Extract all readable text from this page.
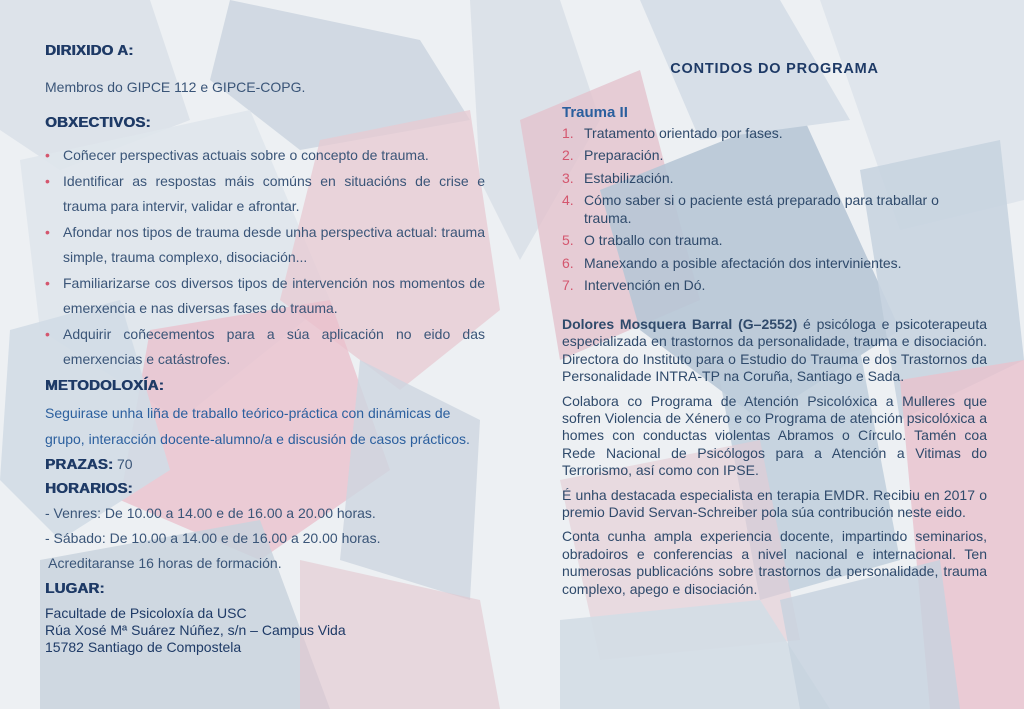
DIRIXIDO A:

Membros do GIPCE 112 e GIPCE-COPG.

OBXECTIVOS:
• Coñecer perspectivas actuais sobre o concepto de trauma.
• Identificar as respostas máis comúns en situacións de crise e trauma para intervir, validar e afrontar.
• Afondar nos tipos de trauma desde unha perspectiva actual: trauma simple, trauma complexo, disociación...
• Familiarizarse cos diversos tipos de intervención nos momentos de emerxencia e nas diversas fases do trauma.
• Adquirir coñecementos para a súa aplicación no eido das emerxencias e catástrofes.
METODOLOXÍA:

Seguirase unha liña de traballo teórico-práctica con dinámicas de grupo, interacción docente-alumno/a e discusión de casos prácticos.

PRAZAS: 70
HORARIOS:
- Venres: De 10.00 a 14.00 e de 16.00 a 20.00 horas.
- Sábado: De 10.00 a 14.00 e de 16.00 a 20.00 horas.
Acreditaranse 16 horas de formación.
LUGAR:
Facultade de Psicoloxía da USC
Rúa Xosé Mª Suárez Núñez, s/n – Campus Vida
15782 Santiago de Compostela
CONTIDOS DO PROGRAMA
Trauma II
1. Tratamento orientado por fases.
2. Preparación.
3. Estabilización.
4. Cómo saber si o paciente está preparado para traballar o trauma.
5. O traballo con trauma.
6. Manexando a posible afectación dos intervinientes.
7. Intervención en Dó.

Dolores Mosquera Barral (G–2552) é psicóloga e psicoterapeuta especializada en trastornos da personalidade, trauma e disociación. Directora do Instituto para o Estudio do Trauma e dos Trastornos da Personalidade INTRA-TP na Coruña, Santiago e Sada.

Colabora co Programa de Atención Psicolóxica a Mulleres que sofren Violencia de Xénero e co Programa de atención psicolóxica a homes con conductas violentas Abramos o Círculo. Tamén coa Rede Nacional de Psicólogos para a Atención a Vitimas do Terrorismo, así como con IPSE.

É unha destacada especialista en terapia EMDR. Recibiu en 2017 o premio David Servan-Schreiber pola súa contribución neste eido.

Conta cunha ampla experiencia docente, impartindo seminarios, obradoiros e conferencias a nivel nacional e internacional. Ten numerosas publicacións sobre trastornos da personalidade, trauma complexo, apego e disociación.
